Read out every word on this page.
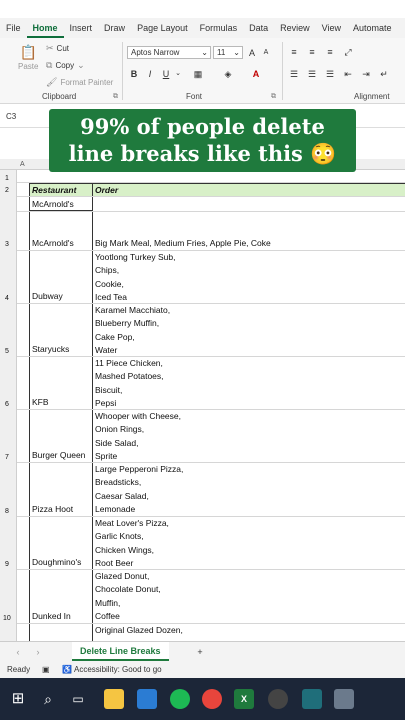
File	Home	Insert	Draw	Page Layout	Formulas	Data	Review	View	Automate
📋
Paste
✂ Cut
⧉ Copy ⌄
🖌 Format Painter
Clipboard	⧉
Aptos Narrow	⌄	11 ⌄ A	A
B	I	U ⌄	▦ ◈	A
Font	⧉
≡	≡	≡	⤢
☰ ☰ ☰ ⇤ ⇥ ↵
Alignment
C3	99% of people delete
line breaks like this 😳
A
1
Restaurant Order
2
McArnold's
McArnold's Big Mark Meal, Medium Fries, Apple Pie, Coke
3
Dubway
Yootlong Turkey Sub,
Chips,
Cookie,
Iced Tea
4
Staryucks
Karamel Macchiato,
Blueberry Muffin,
Cake Pop,
Water
5
KFB
11 Piece Chicken,
Mashed Potatoes,
Biscuit,
Pepsi
6
Burger Queen
Whooper with Cheese,
Onion Rings,
Side Salad,
Sprite
7
Pizza Hoot
Large Pepperoni Pizza,
Breadsticks,
Caesar Salad,
Lemonade
8
Doughmino's
Meat Lover's Pizza,
Garlic Knots,
Chicken Wings,
Root Beer
9
Dunked In
Glazed Donut,
Chocolate Donut,
Muffin,
Coffee
10
Original Glazed Dozen,
‹	›	Delete Line Breaks	+
Ready ▣ ♿ Accessibility: Good to go
⊞	⌕	▭	X
